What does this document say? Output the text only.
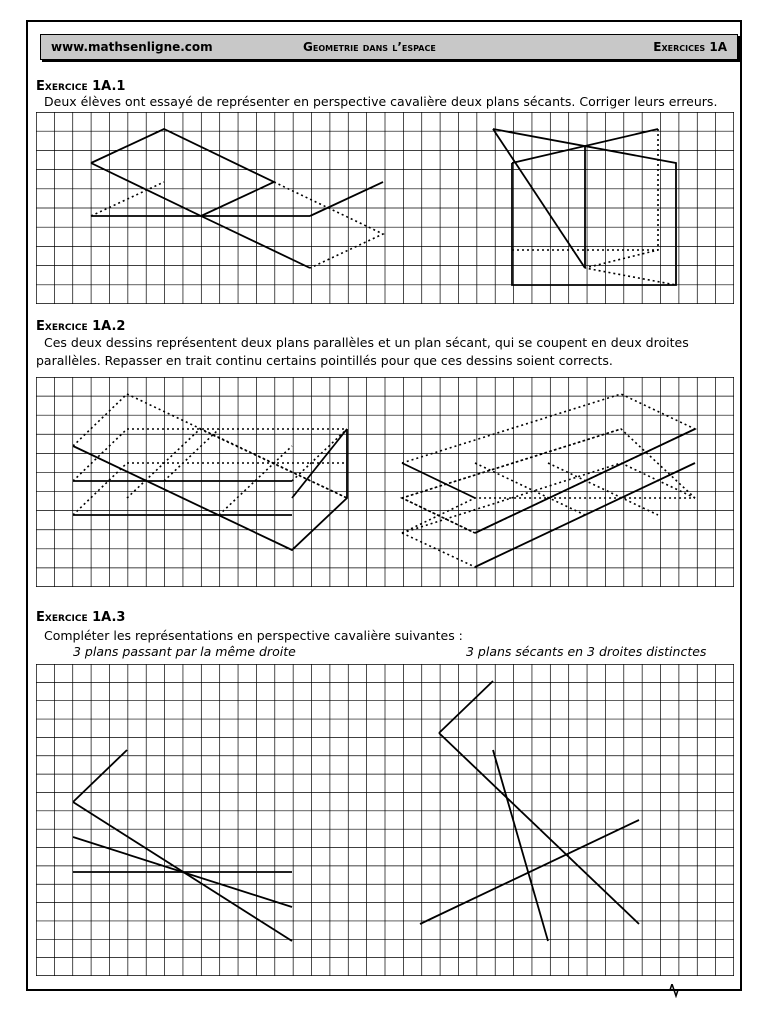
www.mathsenligne.com	Geometrie dans l’espace	Exercices 1A
Exercice 1A.1
Deux élèves ont essayé de représenter en perspective cavalière deux plans sécants. Corriger leurs erreurs.
Exercice 1A.2
Ces deux dessins représentent deux plans parallèles et un plan sécant, qui se coupent en deux droites
parallèles. Repasser en trait continu certains pointillés pour que ces dessins soient corrects.
Exercice 1A.3
Compléter les représentations en perspective cavalière suivantes :
3 plans passant par la même droite	3 plans sécants en 3 droites distinctes
